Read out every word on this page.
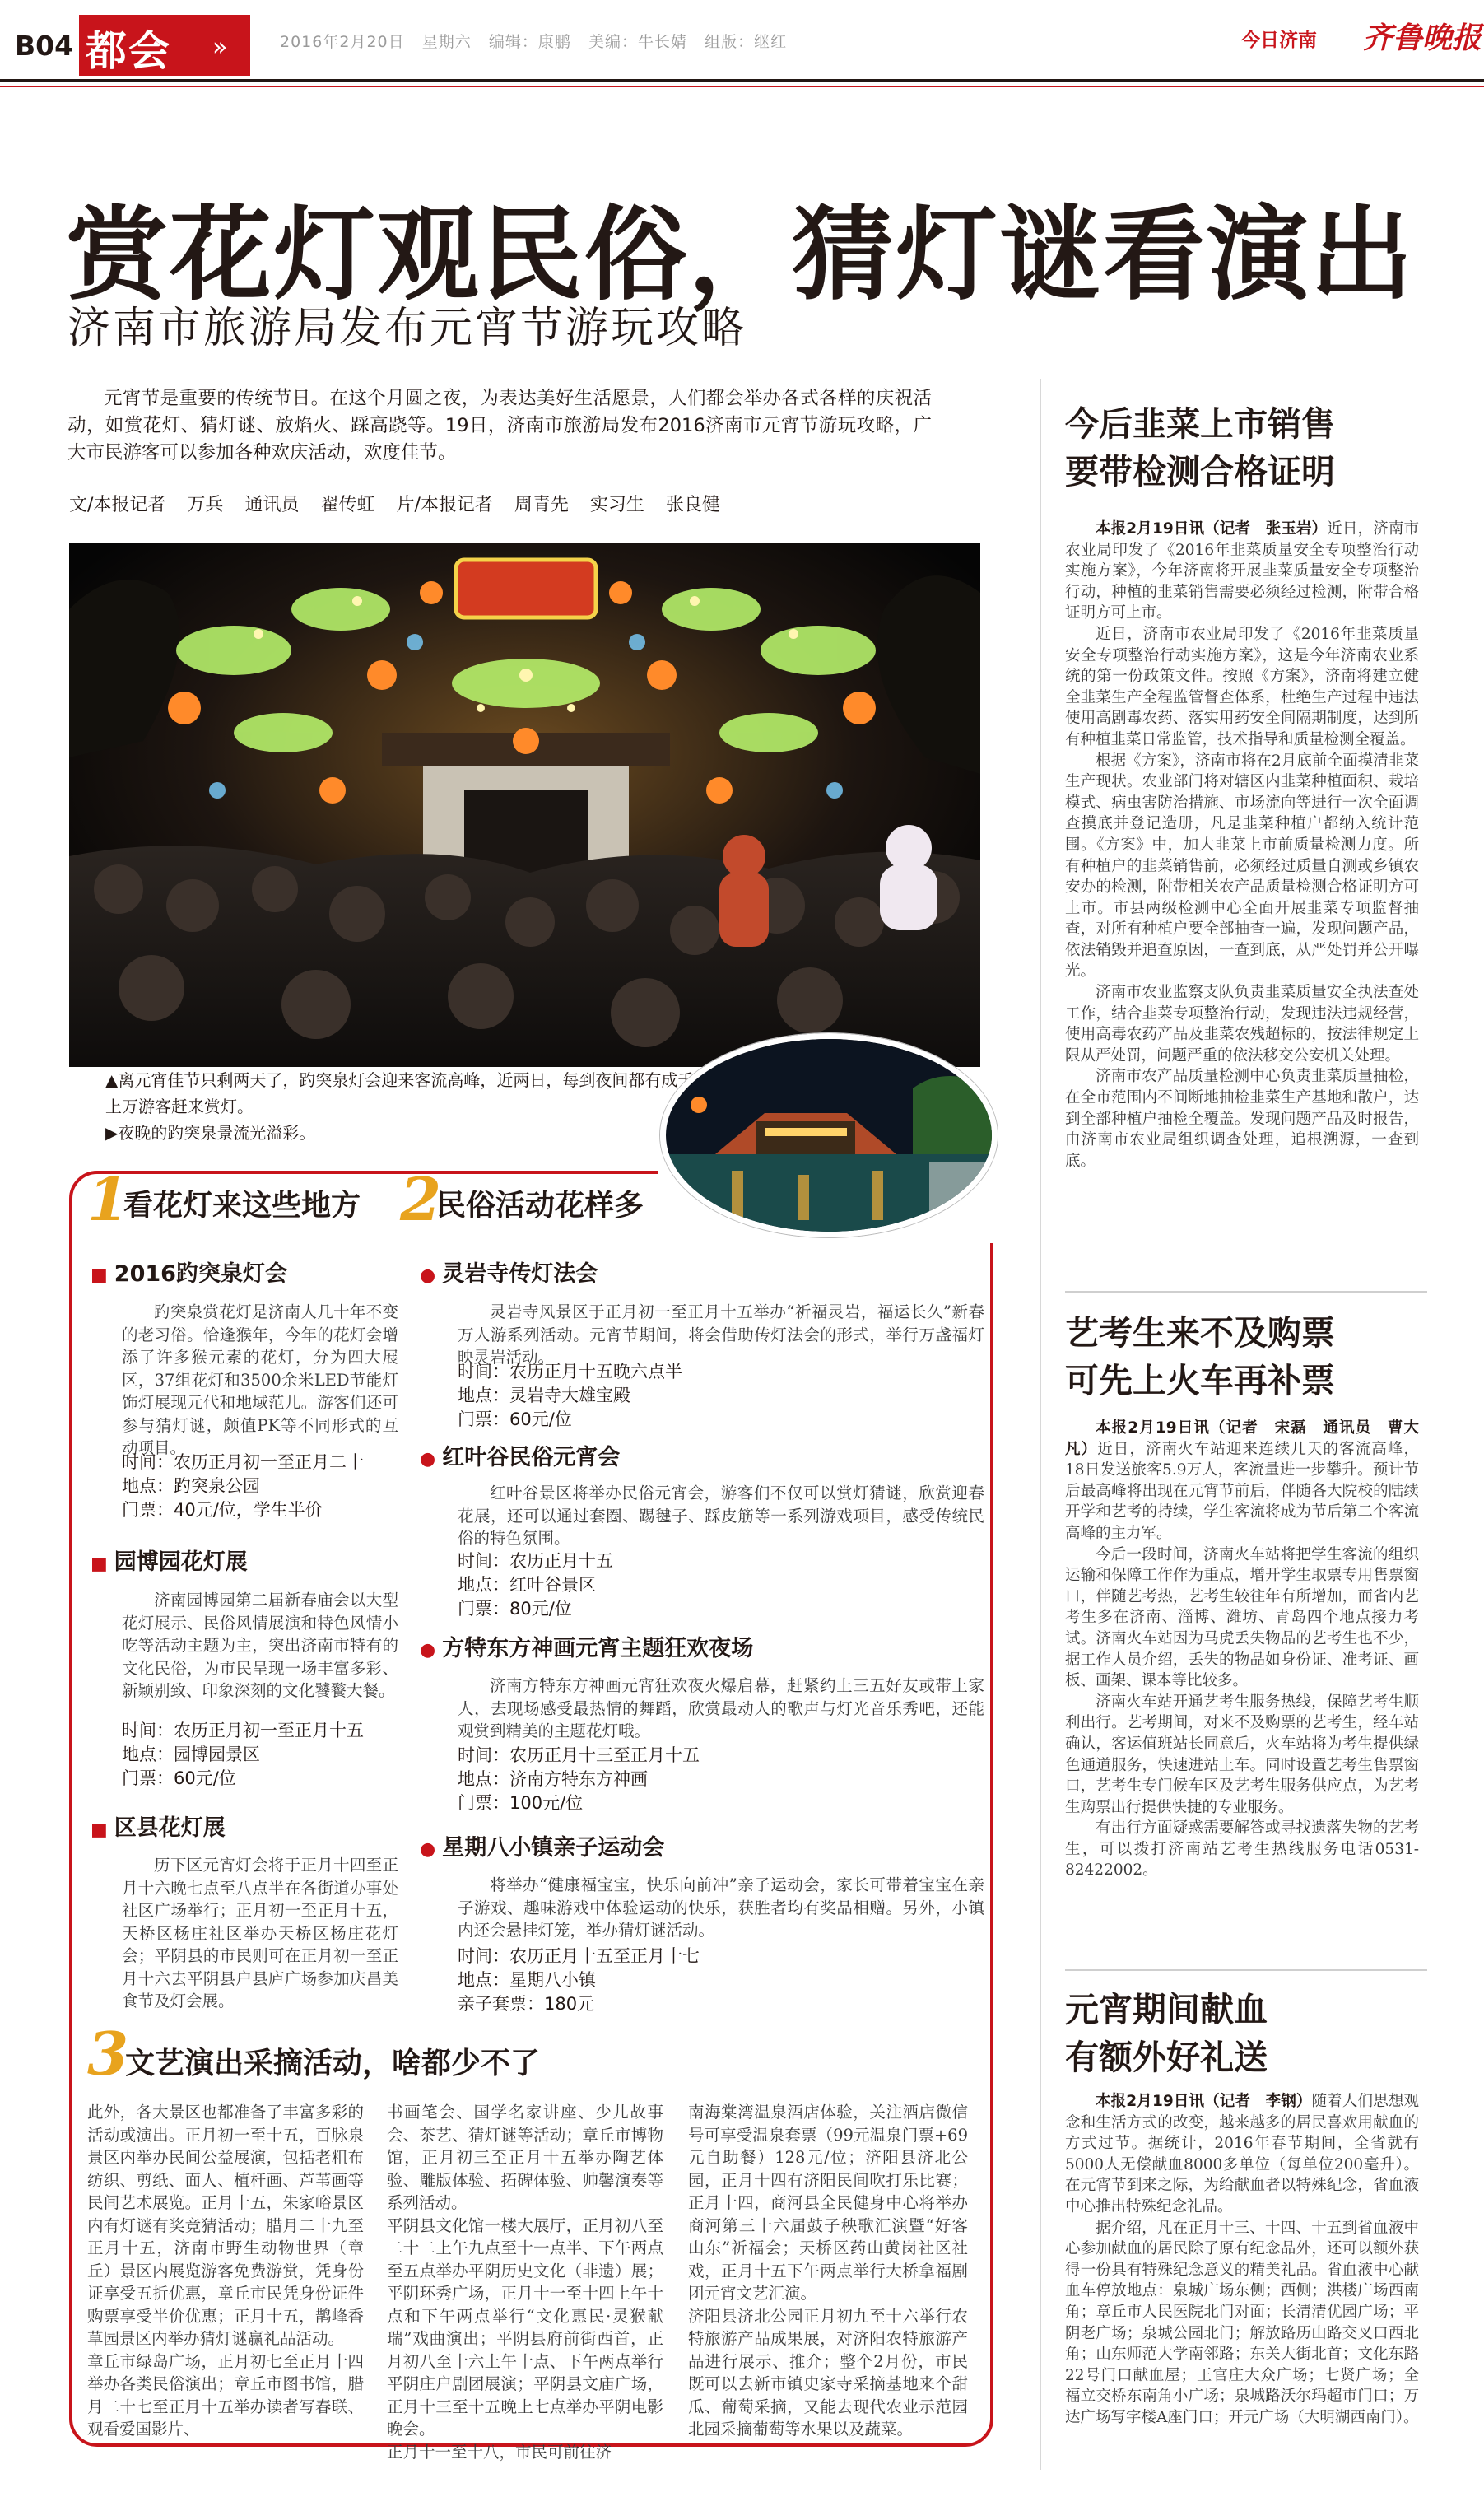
B04 都会 »	2016年2月20日 星期六 编辑：康鹏 美编：牛长婧 组版：继红	今日济南 齐鲁晚报
赏花灯观民俗，猜灯谜看演出
济南市旅游局发布元宵节游玩攻略
元宵节是重要的传统节日。在这个月圆之夜，为表达美好生活愿景，人们都会举办各式各样的庆祝活动，如赏花灯、猜灯谜、放焰火、踩高跷等。19日，济南市旅游局发布2016济南市元宵节游玩攻略，广大市民游客可以参加各种欢庆活动，欢度佳节。
文/本报记者 万兵 通讯员 翟传虹 片/本报记者 周青先 实习生 张良健
▲离元宵佳节只剩两天了，趵突泉灯会迎来客流高峰，近两日，每到夜间都有成千上万游客赶来赏灯。
▶夜晚的趵突泉景流光溢彩。
1
看花灯来这些地方
■ 2016趵突泉灯会

趵突泉赏花灯是济南人几十年不变的老习俗。恰逢猴年，今年的花灯会增添了许多猴元素的花灯，分为四大展区，37组花灯和3500余米LED节能灯饰灯展现元代和地域范儿。游客们还可参与猜灯谜，颇值PK等不同形式的互动项目。

时间：农历正月初一至正月二十
地点：趵突泉公园
门票：40元/位，学生半价
■ 园博园花灯展

济南园博园第二届新春庙会以大型花灯展示、民俗风情展演和特色风情小吃等活动主题为主，突出济南市特有的文化民俗，为市民呈现一场丰富多彩、新颖别致、印象深刻的文化饕餮大餐。

时间：农历正月初一至正月十五
地点：园博园景区
门票：60元/位
■ 区县花灯展

历下区元宵灯会将于正月十四至正月十六晚七点至八点半在各街道办事处社区广场举行；正月初一至正月十五，天桥区杨庄社区举办天桥区杨庄花灯会；平阴县的市民则可在正月初一至正月十六去平阴县户县庐广场参加庆昌美食节及灯会展。

2
民俗活动花样多
● 灵岩寺传灯法会

灵岩寺风景区于正月初一至正月十五举办“祈福灵岩，福运长久”新春万人游系列活动。元宵节期间，将会借助传灯法会的形式，举行万盏福灯映灵岩活动。

时间：农历正月十五晚六点半
地点：灵岩寺大雄宝殿
门票：60元/位
● 红叶谷民俗元宵会

红叶谷景区将举办民俗元宵会，游客们不仅可以赏灯猜谜，欣赏迎春花展，还可以通过套圈、踢毽子、踩皮筋等一系列游戏项目，感受传统民俗的特色氛围。

时间：农历正月十五
地点：红叶谷景区
门票：80元/位
● 方特东方神画元宵主题狂欢夜场

济南方特东方神画元宵狂欢夜火爆启幕，赶紧约上三五好友或带上家人，去现场感受最热情的舞蹈，欣赏最动人的歌声与灯光音乐秀吧，还能观赏到精美的主题花灯哦。

时间：农历正月十三至正月十五
地点：济南方特东方神画
门票：100元/位
● 星期八小镇亲子运动会

将举办“健康福宝宝，快乐向前冲”亲子运动会，家长可带着宝宝在亲子游戏、趣味游戏中体验运动的快乐，获胜者均有奖品相赠。另外，小镇内还会悬挂灯笼，举办猜灯谜活动。

时间：农历正月十五至正月十七
地点：星期八小镇
亲子套票：180元
3
文艺演出采摘活动，啥都少不了
此外，各大景区也都准备了丰富多彩的活动或演出。正月初一至十五，百脉泉景区内举办民间公益展演，包括老粗布纺织、剪纸、面人、植杆画、芦苇画等民间艺术展览。正月十五，朱家峪景区内有灯谜有奖竞猜活动；腊月二十九至正月十五，济南市野生动物世界（章丘）景区内展览游客免费游赏，凭身份证享受五折优惠，章丘市民凭身份证件购票享受半价优惠；正月十五，鹊峰香草园景区内举办猜灯谜赢礼品活动。
章丘市绿岛广场，正月初七至正月十四举办各类民俗演出；章丘市图书馆，腊月二十七至正月十五举办读者写春联、观看爱国影片、
书画笔会、国学名家讲座、少儿故事会、茶艺、猜灯谜等活动；章丘市博物馆，正月初三至正月十五举办陶艺体验、雕版体验、拓碑体验、帅馨演奏等系列活动。
平阴县文化馆一楼大展厅，正月初八至二十二上午九点至十一点半、下午两点至五点举办平阴历史文化（非遗）展；平阴环秀广场，正月十一至十四上午十点和下午两点举行“文化惠民·灵猴献瑞”戏曲演出；平阴县府前街西首，正月初八至十六上午十点、下午两点举行平阴庄户剧团展演；平阴县文庙广场，正月十三至十五晚上七点举办平阴电影晚会。
正月十一至十八，市民可前往济
南海棠湾温泉酒店体验，关注酒店微信号可享受温泉套票（99元温泉门票+69元自助餐）128元/位；济阳县济北公园，正月十四有济阳民间吹打乐比赛；正月十四，商河县全民健身中心将举办商河第三十六届鼓子秧歌汇演暨“好客山东”祈福会；天桥区药山黄岗社区社戏，正月十五下午两点举行大桥拿福剧团元宵文艺汇演。
济阳县济北公园正月初九至十六举行农特旅游产品成果展，对济阳农特旅游产品进行展示、推介；整个2月份，市民既可以去新市镇史家寺采摘基地来个甜瓜、葡萄采摘，又能去现代农业示范园北园采摘葡萄等水果以及蔬菜。
今后韭菜上市销售
要带检测合格证明

本报2月19日讯（记者　张玉岩）近日，济南市农业局印发了《2016年韭菜质量安全专项整治行动实施方案》，今年济南将开展韭菜质量安全专项整治行动，种植的韭菜销售需要必须经过检测，附带合格证明方可上市。

近日，济南市农业局印发了《2016年韭菜质量安全专项整治行动实施方案》，这是今年济南农业系统的第一份政策文件。按照《方案》，济南将建立健全韭菜生产全程监管督查体系，杜绝生产过程中违法使用高剧毒农药、落实用药安全间隔期制度，达到所有种植韭菜日常监管，技术指导和质量检测全覆盖。

根据《方案》，济南市将在2月底前全面摸清韭菜生产现状。农业部门将对辖区内韭菜种植面积、栽培模式、病虫害防治措施、市场流向等进行一次全面调查摸底并登记造册，凡是韭菜种植户都纳入统计范围。《方案》中，加大韭菜上市前质量检测力度。所有种植户的韭菜销售前，必须经过质量自测或乡镇农安办的检测，附带相关农产品质量检测合格证明方可上市。市县两级检测中心全面开展韭菜专项监督抽查，对所有种植户要全部抽查一遍，发现问题产品，依法销毁并追查原因，一查到底，从严处罚并公开曝光。

济南市农业监察支队负责韭菜质量安全执法查处工作，结合韭菜专项整治行动，发现违法违规经营，使用高毒农药产品及韭菜农残超标的，按法律规定上限从严处罚，问题严重的依法移交公安机关处理。

济南市农产品质量检测中心负责韭菜质量抽检，在全市范围内不间断地抽检韭菜生产基地和散户，达到全部种植户抽检全覆盖。发现问题产品及时报告，由济南市农业局组织调查处理，追根溯源，一查到底。

艺考生来不及购票
可先上火车再补票

本报2月19日讯（记者　宋磊　通讯员　曹大凡）近日，济南火车站迎来连续几天的客流高峰，18日发送旅客5.9万人，客流量进一步攀升。预计节后最高峰将出现在元宵节前后，伴随各大院校的陆续开学和艺考的持续，学生客流将成为节后第二个客流高峰的主力军。

今后一段时间，济南火车站将把学生客流的组织运输和保障工作作为重点，增开学生取票专用售票窗口，伴随艺考热，艺考生较往年有所增加，而省内艺考生多在济南、淄博、潍坊、青岛四个地点接力考试。济南火车站因为马虎丢失物品的艺考生也不少，据工作人员介绍，丢失的物品如身份证、准考证、画板、画架、课本等比较多。

济南火车站开通艺考生服务热线，保障艺考生顺利出行。艺考期间，对来不及购票的艺考生，经车站确认，客运值班站长同意后，火车站将为考生提供绿色通道服务，快速进站上车。同时设置艺考生售票窗口，艺考生专门候车区及艺考生服务供应点，为艺考生购票出行提供快捷的专业服务。

有出行方面疑惑需要解答或寻找遗落失物的艺考生，可以拨打济南站艺考生热线服务电话0531-82422002。

元宵期间献血
有额外好礼送

本报2月19日讯（记者　李钢）随着人们思想观念和生活方式的改变，越来越多的居民喜欢用献血的方式过节。据统计，2016年春节期间，全省就有5000人无偿献血8000多单位（每单位200毫升）。在元宵节到来之际，为给献血者以特殊纪念，省血液中心推出特殊纪念礼品。

据介绍，凡在正月十三、十四、十五到省血液中心参加献血的居民除了原有纪念品外，还可以额外获得一份具有特殊纪念意义的精美礼品。省血液中心献血车停放地点：泉城广场东侧；西侧；洪楼广场西南角；章丘市人民医院北门对面；长清清优园广场；平阴老广场；泉城公园北门；解放路历山路交叉口西北角；山东师范大学南邻路；东关大街北首；文化东路22号门口献血屋；王官庄大众广场；七贤广场；全福立交桥东南角小广场；泉城路沃尔玛超市门口；万达广场写字楼A座门口；开元广场（大明湖西南门）。
